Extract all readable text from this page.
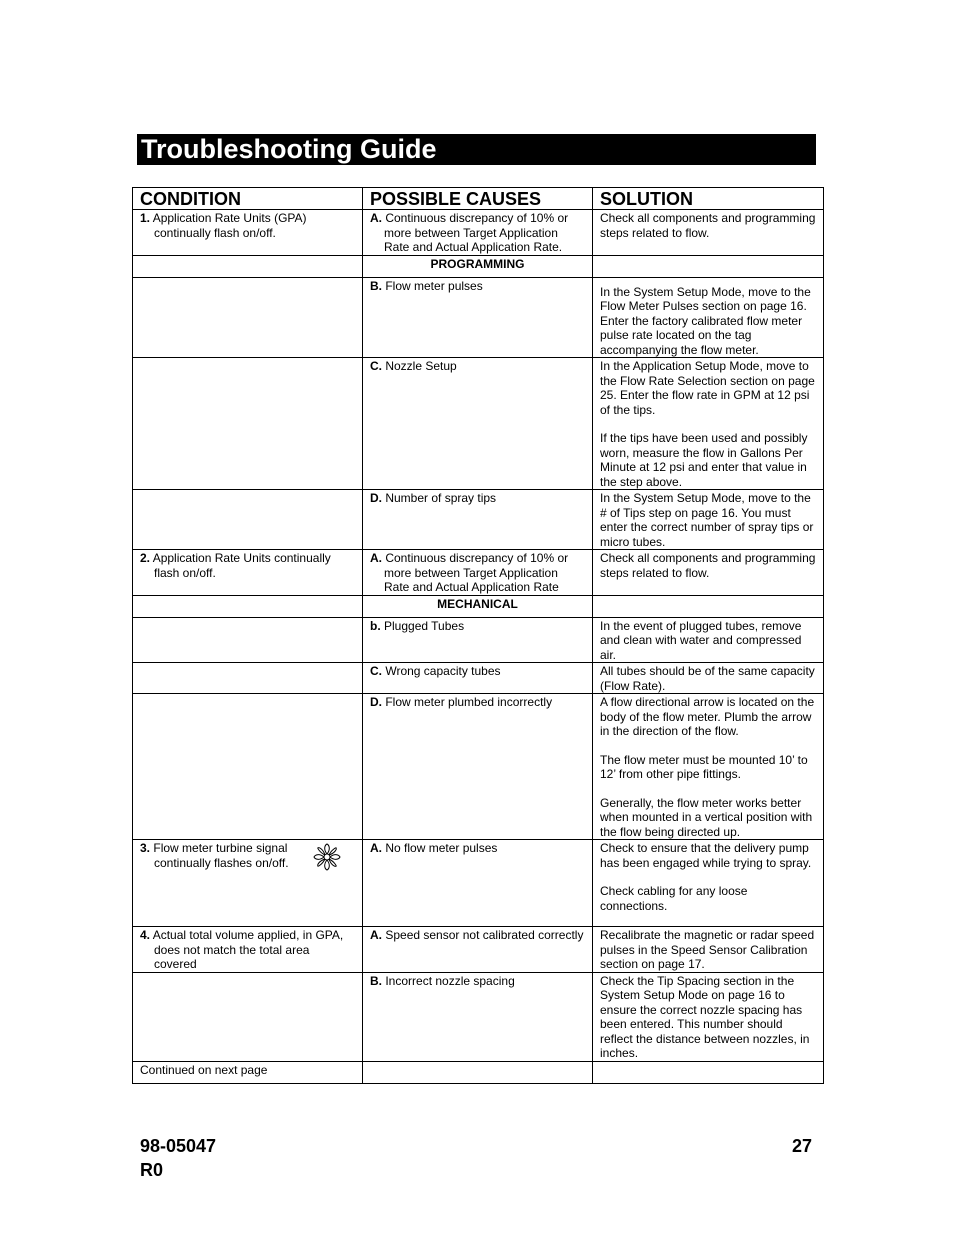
Troubleshooting Guide
CONDITION	POSSIBLE CAUSES	SOLUTION

1. Application Rate Units (GPA) continually flash on/off.	A. Continuous discrepancy of 10% or more between Target Application Rate and Actual Application Rate.	Check all components and programming steps related to flow.
	PROGRAMMING	

	B. Flow meter pulses	In the System Setup Mode, move to the Flow Meter Pulses section on page 16. Enter the factory calibrated flow meter pulse rate located on the tag accompanying the flow meter.

	C. Nozzle Setup	In the Application Setup Mode, move to the Flow Rate Selection section on page 25. Enter the flow rate in GPM at 12 psi of the tips.
If the tips have been used and possibly worn, measure the flow in Gallons Per Minute at 12 psi and enter that value in the step above.

	D. Number of spray tips	In the System Setup Mode, move to the # of Tips step on page 16. You must enter the correct number of spray tips or micro tubes.

2. Application Rate Units continually flash on/off.	A. Continuous discrepancy of 10% or more between Target Application Rate and Actual Application Rate	Check all components and programming steps related to flow.
	MECHANICAL	

	b. Plugged Tubes	In the event of plugged tubes, remove and clean with water and compressed air.

	C. Wrong capacity tubes	All tubes should be of the same capacity (Flow Rate).

	D. Flow meter plumbed incorrectly	A flow directional arrow is located on the body of the flow meter. Plumb the arrow in the direction of the flow.
The flow meter must be mounted 10’ to 12’ from other pipe fittings.
Generally, the flow meter works better when mounted in a vertical position with the flow being directed up.

3. Flow meter turbine signal continually flashes on/off.	A. No flow meter pulses	Check to ensure that the delivery pump has been engaged while trying to spray.
Check cabling for any loose connections.

4. Actual total volume applied, in GPA, does not match the total area covered	A. Speed sensor not calibrated correctly	Recalibrate the magnetic or radar speed pulses in the Speed Sensor Calibration section on page 17.

	B. Incorrect nozzle spacing	Check the Tip Spacing section in the System Setup Mode on page 16 to ensure the correct nozzle spacing has been entered. This number should reflect the distance between nozzles, in inches.
Continued on next page		
98-05047
R0
27
